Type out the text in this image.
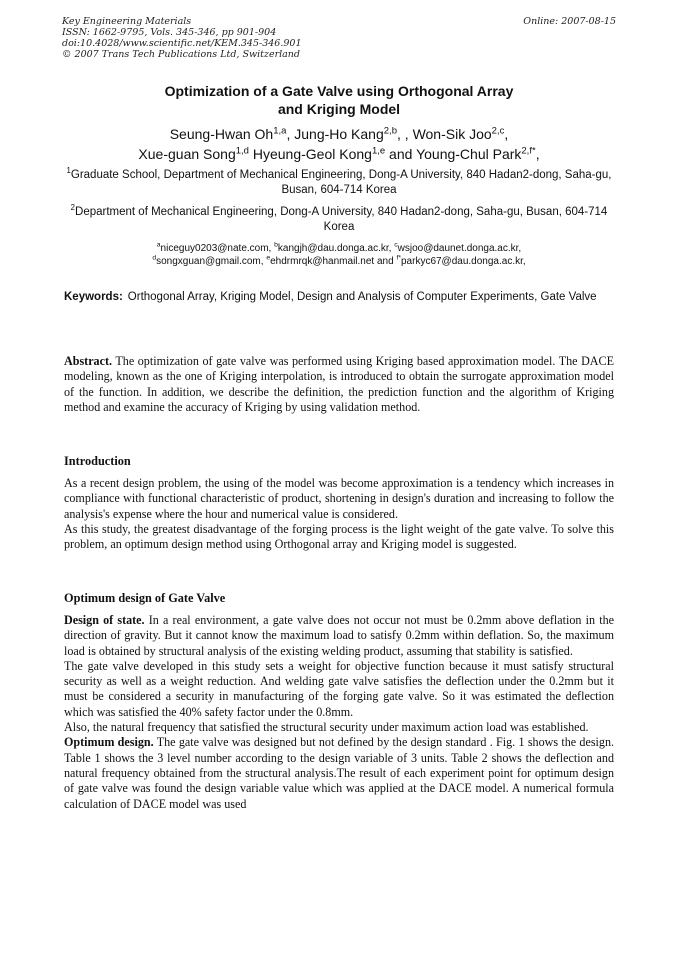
Key Engineering Materials
ISSN: 1662-9795, Vols. 345-346, pp 901-904
doi:10.4028/www.scientific.net/KEM.345-346.901
© 2007 Trans Tech Publications Ltd, Switzerland
Online: 2007-08-15
Optimization of a Gate Valve using Orthogonal Array
and Kriging Model
Seung-Hwan Oh$^{1,a}$, Jung-Ho Kang$^{2,b}$, , Won-Sik Joo$^{2,c}$,
Xue-guan Song$^{1,d}$ Hyeung-Geol Kong$^{1,e}$ and Young-Chul Park$^{2,f*}$,
$^1$Graduate School, Department of Mechanical Engineering, Dong-A University, 840 Hadan2-dong, Saha-gu, Busan, 604-714 Korea
$^2$Department of Mechanical Engineering, Dong-A University, 840 Hadan2-dong, Saha-gu, Busan, 604-714 Korea
$^a$niceguy0203@nate.com, $^b$kangjh@dau.donga.ac.kr, $^c$wsjoo@daunet.donga.ac.kr,
$^d$songxguan@gmail.com, $^e$ehdrmrqk@hanmail.net and $^{f*}$parkyc67@dau.donga.ac.kr,
Keywords: Orthogonal Array, Kriging Model, Design and Analysis of Computer Experiments, Gate Valve

Abstract. The optimization of gate valve was performed using Kriging based approximation model. The DACE modeling, known as the one of Kriging interpolation, is introduced to obtain the surrogate approximation model of the function. In addition, we describe the definition, the prediction function and the algorithm of Kriging method and examine the accuracy of Kriging by using validation method.

Introduction

As a recent design problem, the using of the model was become approximation is a tendency which increases in compliance with functional characteristic of product, shortening in design's duration and increasing to follow the analysis's expense where the hour and numerical value is considered.

As this study, the greatest disadvantage of the forging process is the light weight of the gate valve. To solve this problem, an optimum design method using Orthogonal array and Kriging model is suggested.

Optimum design of Gate Valve

Design of state. In a real environment, a gate valve does not occur not must be 0.2mm above deflation in the direction of gravity. But it cannot know the maximum load to satisfy 0.2mm within deflation. So, the maximum load is obtained by structural analysis of the existing welding product, assuming that stability is satisfied.

The gate valve developed in this study sets a weight for objective function because it must satisfy structural security as well as a weight reduction. And welding gate valve satisfies the deflection under the 0.2mm but it must be considered a security in manufacturing of the forging gate valve. So it was estimated the deflection which was satisfied the 40% safety factor under the 0.8mm.

Also, the natural frequency that satisfied the structural security under maximum action load was established.

Optimum design. The gate valve was designed but not defined by the design standard . Fig. 1 shows the design. Table 1 shows the 3 level number according to the design variable of 3 units. Table 2 shows the deflection and natural frequency obtained from the structural analysis.The result of each experiment point for optimum design of gate valve was found the design variable value which was applied at the DACE model. A numerical formula calculation of DACE model was used
